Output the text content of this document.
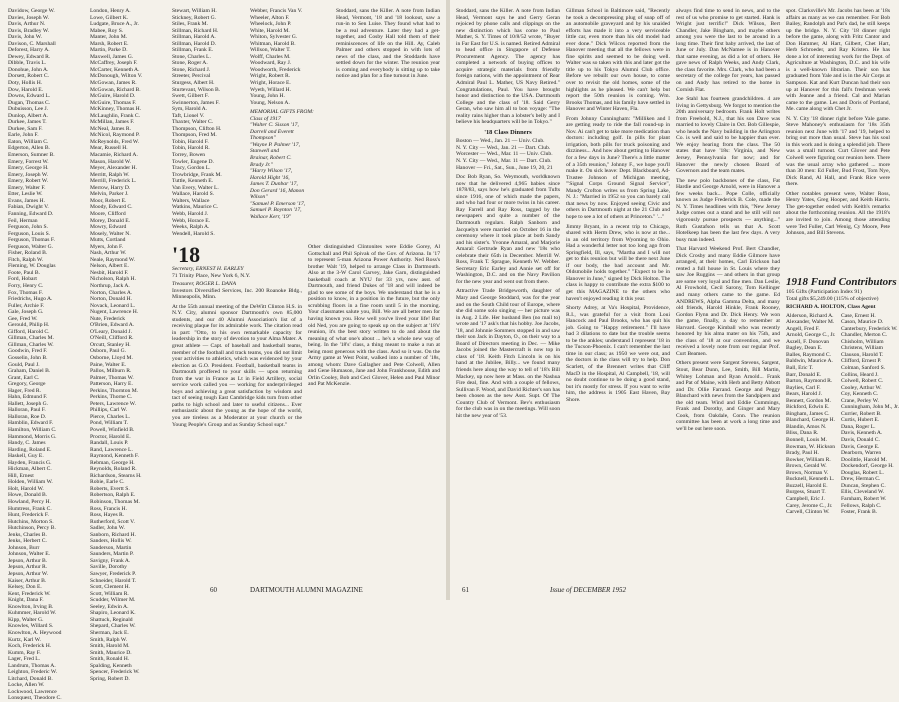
Davidow, George W.
Davies, Joseph W.
Davis, Arthur N.
Davis, Bradley W.
Davis, John W.
Davison, C. Marshall
Deforest, Harry A.
Dewey, Edward R.
Dibble, Travis L.
Donohue, John A.
Dorsett, Robert C.
Doty, Hollis H.
Dow, Harold E.
Downs, Edward L.
Dugan, Thomas C.
Dubuisson, Lee J.
Dunlop, Albert A.
Durkee, James T.
Durkee, Sam F.
Earle, John F.
Eaton, William C.
Edgerton, Allen B.
Emerson, Sumner B.
Emery, Forrest W.
Emery, George H.
Emery, Joseph W.
Emery, Robert W.
Emery, Walter F.
Etter, Leslie W.
Evans, James H.
Fabian, Dwight V.
Fanning, Edward D.
Feil, Herman
Ferguson, John S.
Ferguson, Louis S.
Ferguson, Thomas F.
Ferguson, Walter G.
Fisher, Roland B.
Fitch, Ralph W.
Fleming, W. Douglas
Foote, Paul B.
Ford, Hobart
Forry, Henry C.
Fox, Thomas F.
Friedrichs, Hugo A.
Fuller, Archie F.
Gale, Joseph G.
Gee, Fred W.
Gerould, Philip H.
Gifford, Harold C.
Gillman, Charles M.
Gillman, Charles W.
Goodwin, Fred F.
Gosselin, John B.
Gould, Paul J.
Graham, Daniel B.
Grant, Earl C.
Gregory, George
Hager, Fred R.
Hahn, Edmund F.
Hallett, Joseph G.
Halloran, Paul F.
Halloran, Roe D.
Hamblin, Edward F.
Hamilton, William C.
Hammond, Morris G.
Handy, C. James
Harding, Roland E.
Haskell, Guy E.
Hayden, Francis G.
Hickman, Albert C.
Hill, Ernest
Holden, William W.
Holt, Harold W.
Howe, Donald B.
Howland, Percy H.
Humtress, Frank C.
Hunt, Frederick F.
Hutchins, Morton S.
Hutchinson, Percy B.
Jenks, Charles B.
Jenks, Herbert C.
Johnson, Burr
Johnson, Walter E.
Jepson, Arthur B.
Jepson, Arthur R.
Jepson, Arthur W.
Kaiser, Arthur B.
Kelsey, Don E.
Kent, Frederick W.
Knight, Dana F.
Knowlton, Irving B.
Kuhmmer, Harold W.
Kipp, Walter G.
Knowles, Willard S.
Knowlton, A. Heywood
Kurtz, Karl W.
Koch, Frederick H.
Kumm, Ray F.
Lager, Fred L.
Landrum, Thomas A.
Leighton, Frederic W.
Litchard, Donald B.
Locke, Allen W.
Lockwood, Lawrence
Lonsquest, Theodore C.
London, Henry A.
Lowe, Gilbert K.
Ludgate, Bruce A., Jr.
Mabee, Roy S.
Manter, John M.
Marsh, Robert E.
Martin, Parke D.
Maxwell, James G.
McCaffrey, Joseph F.
McCarter, Kenneth A.
McDonough, Wilton V.
McGowan, James R.
McGowan, Richard B.
McGuire, Harold D.
McGuire, Thomas F.
McKinney, Thomas H.
McLaughlin, Frank C.
McMillan, James F.
McNeal, James R.
McNicol, Raymond P.
McReynolds, Fred W.
Mear, Russell H.
Macamie, Richard A.
Mason, Harold W.
Meyer, Alexander H.
Merritt, Ralph W.
Merrill, Frederick L.
Merrow, Harry D.
Melvin, Parker J.
Moor, Robert E.
Moody, Edward C.
Moore, Clifford
Morey, Donald E.
Mowry, Edward
Mosely, Walter N.
Mutts, Cortland
Myers, John F.
Nash, Arthur W.
Neale, Raymond W.
Nelson, Albert E.
Nesbit, Harold F.
Nicholson, Ralph H.
Northrup, Jack A.
Norton, Charles A.
Norton, Donald H.
Novack, Leonard L.
Nugent, Lawrence H.
Nute, Frederick
O'Brien, Edward A.
O'Leary, Donald J.
O'Neill, Clifford R.
Orcutt, Stanley H.
Osborn, Paul G.
Osborne, Lloyd M.
Paine, Walter E.
Pallos, Milburn R.
Palmer, Thomas W.
Patterson, Harry E.
Perkins, Thornton M.
Perkins, Thorne C.
Peters, Lawrence W.
Phillips, Carl W.
Pierce, Charles L.
Pond, William T.
Powell, Winfield B.
Proctor, Harold E.
Randall, Louis P.
Rand, Lawrence L.
Raymond, Kenneth F.
Rebman, George H.
Reynolds, Roland R.
Richardson, Stearns H.
Robie, Earle C.
Roberts, Evertt S.
Robertson, Ralph E.
Robinson, Thomas M.
Ross, Francis H.
Ross, Hayes R.
Rutherford, Scott V.
Sadler, John W.
Sanborn, Richard H.
Sanders, Hollis W.
Sanderson, Martin
Saunders, Martin P.
Savigny, Frank A.
Saville, Dorothy
Sawyer, Frederick P.
Schneider, Harold T.
Scott, Clement H.
Scott, William R.
Scudder, Wilmer M.
Seeley, Edwin A.
Shapiro, Leonard K.
Shattuck, Reginald
Shepard, Charles W.
Sherman, Jack E.
Smith, Ralph W.
Smith, Harold M.
Smith, Maurice D.
Smith, Ronald H.
Spalding, Kenneth
Spencer, Frederick W.
Spring, Robert D.
Stewart, William H.
Stickney, Robert G.
Stiles, Frank M.
Stillman, Richard H.
Stillman, Harold A.
Stillman, Harold D.
Stillman, Frank E.
Stone, Charles L.
Stone, Roger A.
Stone, Richard J.
Streeter, Percival
Sturgess, Albert H.
Sturtevant, Wilson B.
Swett, Gilbert F.
Swinnerton, James F.
Sym, Harold A.
Taft, Lionel V.
Thaxter, Walter C.
Thompson, Clifton H.
Thompson, Fred M.
Tobin, Harold F.
Tobin, Harold R.
Torrey, Bowen
Towler, Eugene D.
Tracy, Gordon L.
Trowbridge, Frank M.
Tuttle, Kenneth E.
Van Every, Walter L.
Wallace, Harold S.
Walters, Wallace
Watkins, Maurice C.
Webb, Harold J.
Webb, Horace E.
Weeks, Ralph A.
Wendell, Harold S.
Webber, Francis Van V.
Wheeler, Alton F.
Wheelock, John P.
White, Harold M.
Whiton, Sylvester G.
Whitman, Harold B.
Willson, Walter T.
Wolff, Charles M.
Woodward, Ray J.
Woodworth, Frederick
Wright, Robert R.
Wright, Horace E.
Wyeth, Willard H.
Young, John H.
Young, Nelson A.
MEMORIAL GIFTS FROM:
Class of 1917
"Walter C. Sisson '17,
Darrell and Everett
Thompson"
"Wayne P. Palmer '17,
Stanwell and
Brainar, Robert C.
Brady Jr."
"Harry Wilson '17,
Harold Hight '16,
James T. Dunbar '17,
Don Gerard '16, Manon
Wilson"
"Samuel P. Emerson '17,
Samuel P. Boynton '17,
Wallace Kerr, '19"
Stoddard, sans the Killer. A note from Indian Head, Vermont, '18 and '18 lookout, saw a run-in to Sen Luise. They found what had to be a real adventure. Later they had a get-together, and Cosby Hall told them of their reminiscences of life on the Hill. Ay, Caleb Palmer and others stopped in with lots of news of the class, and the Stoddards have settled down for the winter. The reunion year is coming and everybody is sitting up to take notice and plan for a fine turnout in June.
'18
Secretary, ERNEST H. EARLEY
71 Trinity Place, New York 6, N.Y.
Treasurer, ROGER L. DANA
Investors Diversified Services, Inc. 200 Roanoke Bldg., Minneapolis, Minn.
At the 55th annual meeting of the DeWitt Clinton H.S. in N.Y. City, alumni sponsor Dartmouth's own 85,000 students, and our 40 Alumni Association's list of a receiving plaque for its admirable work. The citation read in part: "Otto, to his own remarkable capacity for leadership in the story of devotion to your Alma Mater. A great athlete — Capt. of baseball and basketball teams, member of the football and track teams, you did not limit your activities to athletics, which was evidenced by your election as G.O. President. Football, basketball teams in Dartmouth proffered to your skills — upon returning from the war in France as Lt in Field Artillery, social service work called you — working for underprivileged boys and achieving a great satisfaction by wisdom and tact of seeing tough East Cambridge kids turn from other paths to high school and later to useful citizens... Ever enthusiastic about the young as the hope of the world, you are tireless as a Moderator at your church or the Young People's Group and as Sunday School supt."
Other distinguished Clintonites were Eddie Gorey, Al Gottschall and Phil Spivak of the Gov. of Arizona. In '17 to represent 5-man Arizona Power Authority. Ned Ross's brother Walt '19, helped to arrange Class in Dartmouth. Also at the 3-W Carol Garvey, Jake Garn, distinguished basketball coach at NYU for 33 yrs, now asst. of Dartmouth, and friend Dukes of '18 and will indeed be glad to see some of the boys. We understand that he is a position to know, in a position in the future, but the only scrubbing floors in a fine room until 5 in the morning. Your classmates salute you, Bill. We are all better men for having known you. How well you've lived your life! But old Ned, you are going to speak up on the subject at '18's' reunion, it's the best story written to do and about the meaning of what one's about ... he's a whole new way of being. In the '18's' class, a thing meant to make a run at being most generous with the class. And so it was. On the Army game at West Point, walked into a number of '18s, among whom: Dave Gallagher and Pete Colwell, Allen and Gene Humason, Jane and John Frankhouse, Edith and Orlin Cooley, Bob and Ceci Glover, Helen and Paul Minor and Pat McKenzie.
60	DARTMOUTH ALUMNI MAGAZINE
Stoddard, sans the Killer. A note from Indian Head, Vermont says he and Gerry Geran rejoiced by phone calls and clippings on the new distinction which has come to Paul Mather, S. Y. Times of 10/8/52 wrote, "Buyer in Far East for U.S. is named. Retired Admiral to head office in Singapore of Defense Procurement Agency. The agency has completed a network of buying offices to acquire strategic materials from friendly foreign nations, with the appointment of Rear Admiral Paul L. Mather, US Navy Retired." Congratulations, Paul. You have brought honor and distinction to the USA. Dartmouth College and the class of '18. Said Gerry Geran, who saw him all to bon voyage: "The reality rains higher than a lobster's belly and I believe his headquarters will be in Tokyo."
'18 Class Dinners
Boston — Wed., Jan. 21 — Univ. Club.
N. Y. City — Wed., Jan. 21 — Dart. Club.
Worcester — Wed., Mar. 11 — Univ. Club.
N. Y. City — Wed., Mar. 11 — Dart. Club.
Hanover — Fri., Sat., Sun., June 19, 20, 21
Doc Bob Ryan, So. Weymouth, worldknown now that he delivered 4,965 babies since 1878/83, says how he's graduated from Tufts since 1916, one of which made the papers, and who had four or more twins in his career. Ray Farrell and Ray Ross, tagged by the newspapers and quite a number of the Dartmouth regulars. Ralph Sanborn and Jacquelyn were married on October 16 in the ceremony where it took place at both Sandy and his sister's. Yvonne Amaral, and Marjorie Amaral: Gertrude Ryan and new '18s who celebrate their 65th in December. Merrill W. Ross, Frank T. Sprague, Kenneth W. Webber. Secretary Eric Earley and Annie set off for Washington, D.C. and on the Navy Pavilion for the new year and went out from there.
Attractive Trade Bridgeworth, daughter of Mary and George Stoddard, was for the year and on the South Child tour of Europe, where she did some solo singing — her picture was in Aug. 2 Life. Her husband Ben (no mail to) wrote and '17 ask's that his hobby. Joe Jacobs, '18, and Johnnie Sommers stopped in and saw their son Jack in Dayton, O., on their way to a Board of Directors meeting in Dec. — Mike Jacobs joined the Mastercraft is now top in class of '18. Keith Fitch Lincoln is on his hand at the Jubilee, Billy... we found many friends here along the way to tell of '18's Bill Mackey, up now here at Mass. on the Nashua Fire deal, fine. And with a couple of fellows, Sullivan F. Wood, and David Richter's son has been chosen as the new Asst. Supt. Of The Country Club of Vermont. Bev's enthusiasm for the club was in on the meetings. Will soon hit the new year of '53.
Gillman School in Baltimore said, "Recently he took a decompressing plug of soap off of an automobile graveyard and by his unaided efforts has made it into a very serviceable little car, even more than his old model had ever done." Dick Wilcox reported from the Hanover meeting that all the fellows were in fine spirits and seemed to be doing well. Walter was so taken with this and later got the title up to his Tokyo Alumni Club office. Before we rebuilt our own house, to come over to revisit the old homes, some of the highlights as he pleased. We can't help but report the 50th reunion is coming. Wm. Brooks Thomas, and his family have settled in Hanover and Winter Haven, Fla.
From Johnny Cunningham: "Milliken and I are getting ready to ride the fall round-up in Nov. Ai can't get to take more medication than doctors: including golf. In pills for plant irrigation, both pills for truck poisoning and dizziness... And how about getting to Hanover for a few days in June? There's a little matter of a 35th reunion," Johnny F., we hope you'll make it. On sick leave: Dept. Blackboard, Ad- Trustee Johnson of Michigan meeting, '"Signal Corps Ground Signal Service", Mandy Crofton writes us from Spring Lake, N. J.: "Married in 1952 so you can barely call that news by now. Enjoyed seeing Civic and others in Dartmouth night at the 21 Club and hope to see a lot of others at Princeton." '..."
Jimmy Bryant, in a recent trip to Chicago, shared with Herm Drew, who is now at the... in an old territory from Wyoming to Ohio. Had a wonderful letter not too long ago from Springfield, Ill, says, "Martha and I will not get to this reunion but will be there next June if our body, the bad account and Mr. Oldsmobile holds together." "Expect to be in Hanover in June," signed by Dick Holton. The class is happy to contribute the extra $100 to get this MAGAZINE to the others who haven't enjoyed reading it this year.
Shorty Adrey, at Va's Hospital, Providence, R.I., was grateful for a visit from Loui Hancock and Paul Brooks, who has quit his job. Going to "Happy retirement." I'll have had 3 dilations to date but the trouble seems to be the ankles; understand I represent '18 in the Tucson-Phoenix. I can't remember the last time in our class; as 1950 we were out, and the doctors in the class will try to help. Don Scarlett, of the Brennert writes that Cliff MacD in the Hospital, Al Campbell, '18, will no doubt continue to be doing a good stand, but it's mostly for stress. If you want to write him, the address is 1905 East Haven, Bay Shore.
always find time to send in news, and to the rest of us who promise to get started. Hank is Wright just terrific!" Dick Wilson, Bert Chandler, Jake Bingham, and maybe others among you were the last to be around in a long time. Their first baby arrived, the last of June or July. Dan McNamee is in Hanover that same evening, as did a lot of others. He gave news of Ralph Weeks, and Andy Clark, the class favorite. Mrs. Clark, who had been a secretary of the college for years, has passed on and Andy has retired to the home in Cornish Flat.
Joe Stahl has fourteen grandchildren. 4 are living in Gettysburg. We forgot to mention the 20th anniversary bedroom. Frank Holt writes from Freehold, N.J., that his son Dave was married to lovely Claire in Oct. Bob Gillespie, who heads the Navy building in the Arlington Co. is well and said to be happier than ever. We enjoy hearing from the class. The 50 states that have '18s: Virginia, and New Jersey, Pennsylvania for now; and for Hanover the newly chosen Board of Governors and the team mates.
The new polo backbones of the class, Fat Hardie and George Arnold, were in Hanover a few weeks back... Pope Colle, officially known as Judge Frederick B. Cole, made the N. Y. Times headlines with this, "New Jersey Judge comes out a stand and he still will not vigorously pursue prospects — anything..." Ruth Gustafson tells us that A. Scott Hotelkeep has been the last few days. A very busy man indeed.
That Harvard Weekend Prof. Bert Chandler, Dick Crosby and many Eddie Gilmore have arranged, at their homes, Carl Erickson had rented a full house in St. Louis where they saw Joe Ruggins — and others in that group are some very loyal and fine men. Dan Leslie, Al Frowhold, Cecil Sarony, Tom Kellinger and many others came to the game. Ed ANDREWS, Alpha Gamma Delta, and many old friends, Harold Hinkle, Frank Rooney, Gordon Flynn and Dr. Dick Henry. We won the game, finally, a day to remember at Harvard. George Kimball who was recently honored by his alma mater on his 75th, and the class of '18 at our convention, and we received a lovely note from our regular Prof. Curt Beamen.
Others present were Sargent Stevens, Sargent, Stout, Bear Dunn, Lee, Smith, Bill Martin, Whitey Lohman and Ryan Arnold... Frank and Pat of Maine, with Herb and Betty Abbott and Dr. Ollie Farrand. George and Peggy Blanchard with news from the Sandpipers and the old team. Wind and Eddie Cummings, Frank and Dorothy, and Ginger and Mary Cook, from Oakdale, Conn. The reunion committee has been at work a long time and we'll be out here soon.
spot. Clarksville's Mr. Jacobs has been at '18s affairs as many as we can remember. For Bob Bailey, Randolph and Pat's dad, he still keeps up the bridge. N. Y. City '18 dinner right before the game, along with Fritz Cantor and Don Hammer, Al Hart, Gilbert, Chet Hart, Herb Schroeder, and Ray Kristen. He has done a lot of interesting work for the Dept. of Agriculture at Washington, D.C. and his wife is a well-known librarian. Their son has graduated from Yale and is in the Air Corps at Sampson. Kat and Kurt Duncan had their son up at Hanover for this fall's freshman week with Jeanne and a friend. Cal and Marian came to the game. Les and Doris of Portland, Me. came along with Chet Jr.
N. Y. City '18 dinner right before Yale game. Steve Mahoney's enthusiasm for '18s 35th reunion next June with '17 and '19, helped to bring out more than usual. Steve has his soul in this work and is doing a splendid job. There was a small turnout. Curt Glover and Pete Colwell were figuring our reunion here. There was the usual array who gathered ... more than 30 men: Ed Fuller, Bud Frost, Tom Nye, Dick Rand, Al Hall, and Frank Rice were there.
Other notables present were, Walter Ross, Henry Yates, Greg Hooper, and Keith Harris. The get-together ended with Keith's remarks about the forthcoming reunion. All the 1918's are invited to join. Among those attending were Ted Fuller, Carl Wenig, Cy Moore, Pete Johnson, and Bill Stevens.
1918 Fund Contributors
105 Gifts (Participation Index 91)
Total gifts $5,249.00 (115% of objective)
RICHARD A. HOLTON, Class Agent
Alderson, Richard A.
Alexander, Walter M.
Angell, Fred F.
Arnold, George C., Jr.
Aszell, F. Donovan
Bagley, Dean E.
Balles, Raymond C.
Baldwin, Maurice A.
Ball, Eric T.
Barr, Donald E.
Barton, Raymond R.
Baylies, Carl F.
Bears, Harold J.
Bennett, Gordon M.
Bickford, Edwin E.
Bingham, James C.
Blanchard, George H.
Blandin, Amos N.
Bliss, Dana R.
Bonnell, Louis M.
Bowman, W. Hickson
Brady, Paul H.
Bowker, William R.
Brown, Gerald W.
Brown, Norman V.
Bucknell, Kenneth L.
Buzzell, Harold E.
Burgess, Stuart T.
Campbell, Eric J.
Carey, Jerome C., Jr.
Carvell, Clinton W.
Case, Ernest H.
Cason, Maurice D.
Canterbury, Frederick W.
Chandler, Merton C.
Chisholm, William
Christens, William
Clauson, Harold T.
Clifford, Ernest P.
Colman, Sanford S.
Collins, Heard J.
Colwell, Robert C.
Cooley, Arthur W.
Coy, Kenneth C.
Crane, Perley W.
Cunningham, John M., Jr.
Currier, Robert B.
Curtis, Hubert E.
Dana, Roger L.
Davis, Kenneth A.
Davis, Donald C.
Davis, George E.
Dearborn, Warren
Doolittle, Harold M.
Dockendorf, George H.
Douglas, Robert L.
Drew, Herman C.
Duncan, Stephen C.
Ellis, Cleveland W.
Farnham, Robert W.
Fellows, Ralph C.
Foster, Frank B.
61	Issue of DECEMBER 1952
